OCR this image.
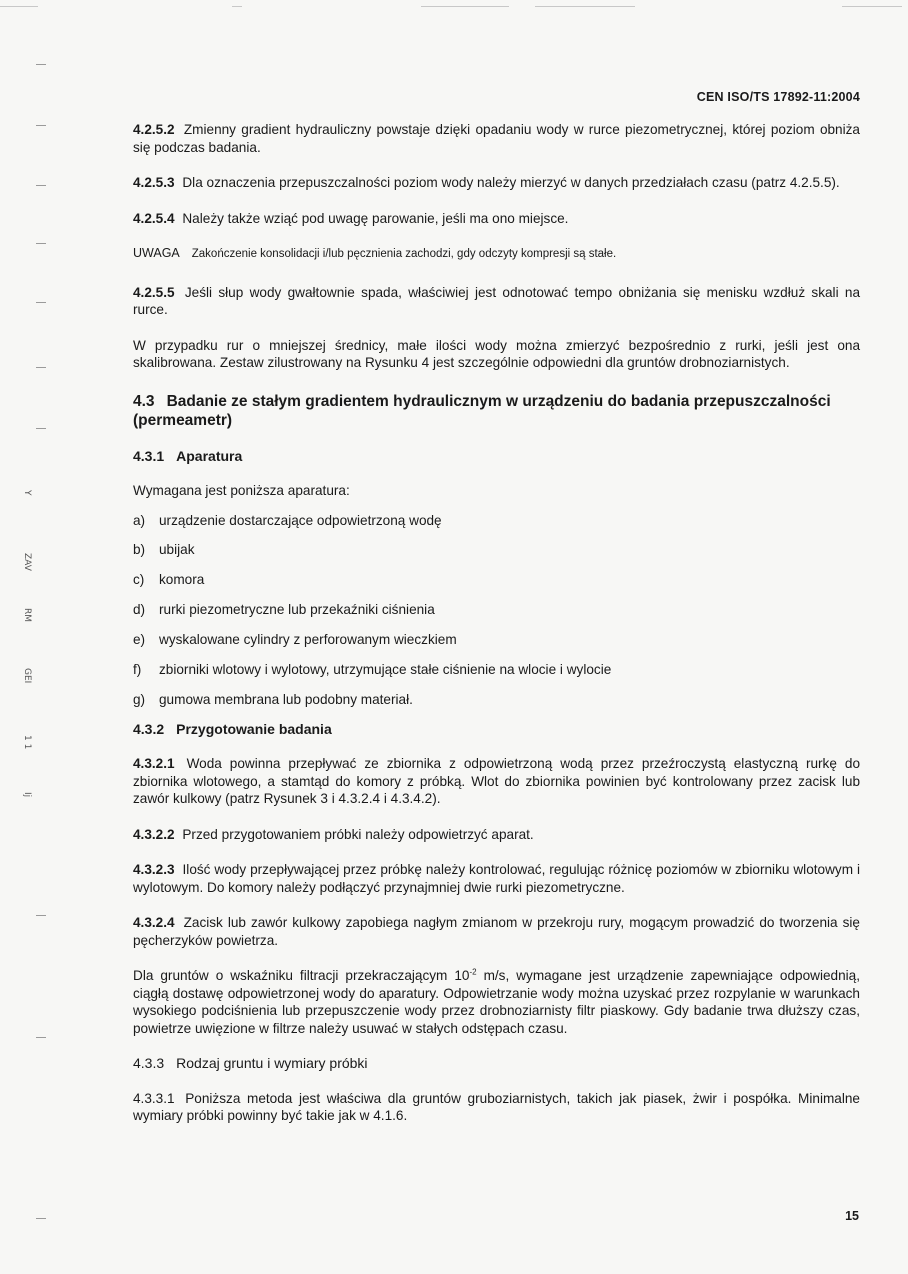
Y
ZAV
RM
GEI
1 1
Ij
CEN ISO/TS 17892-11:2004

4.2.5.2 Zmienny gradient hydrauliczny powstaje dzięki opadaniu wody w rurce piezometrycznej, której poziom obniża się podczas badania.

4.2.5.3 Dla oznaczenia przepuszczalności poziom wody należy mierzyć w danych przedziałach czasu (patrz 4.2.5.5).

4.2.5.4 Należy także wziąć pod uwagę parowanie, jeśli ma ono miejsce.

UWAGA Zakończenie konsolidacji i/lub pęcznienia zachodzi, gdy odczyty kompresji są stałe.

4.2.5.5 Jeśli słup wody gwałtownie spada, właściwiej jest odnotować tempo obniżania się menisku wzdłuż skali na rurce.

W przypadku rur o mniejszej średnicy, małe ilości wody można zmierzyć bezpośrednio z rurki, jeśli jest ona skalibrowana. Zestaw zilustrowany na Rysunku 4 jest szczególnie odpowiedni dla gruntów drobnoziarnistych.

4.3 Badanie ze stałym gradientem hydraulicznym w urządzeniu do badania przepuszczalności (permeametr)
4.3.1 Aparatura

Wymagana jest poniższa aparatura:

a) urządzenie dostarczające odpowietrzoną wodę
b) ubijak
c) komora
d) rurki piezometryczne lub przekaźniki ciśnienia
e) wyskalowane cylindry z perforowanym wieczkiem
f) zbiorniki wlotowy i wylotowy, utrzymujące stałe ciśnienie na wlocie i wylocie
g) gumowa membrana lub podobny materiał.
4.3.2 Przygotowanie badania

4.3.2.1 Woda powinna przepływać ze zbiornika z odpowietrzoną wodą przez przeźroczystą elastyczną rurkę do zbiornika wlotowego, a stamtąd do komory z próbką. Wlot do zbiornika powinien być kontrolowany przez zacisk lub zawór kulkowy (patrz Rysunek 3 i 4.3.2.4 i 4.3.4.2).

4.3.2.2 Przed przygotowaniem próbki należy odpowietrzyć aparat.

4.3.2.3 Ilość wody przepływającej przez próbkę należy kontrolować, regulując różnicę poziomów w zbiorniku wlotowym i wylotowym. Do komory należy podłączyć przynajmniej dwie rurki piezometryczne.

4.3.2.4 Zacisk lub zawór kulkowy zapobiega nagłym zmianom w przekroju rury, mogącym prowadzić do tworzenia się pęcherzyków powietrza.

Dla gruntów o wskaźniku filtracji przekraczającym $10^{-2}$ m/s, wymagane jest urządzenie zapewniające odpowiednią, ciągłą dostawę odpowietrzonej wody do aparatury. Odpowietrzanie wody można uzyskać przez rozpylanie w warunkach wysokiego podciśnienia lub przepuszczenie wody przez drobnoziarnisty filtr piaskowy. Gdy badanie trwa dłuższy czas, powietrze uwięzione w filtrze należy usuwać w stałych odstępach czasu.

4.3.3 Rodzaj gruntu i wymiary próbki

4.3.3.1 Poniższa metoda jest właściwa dla gruntów gruboziarnistych, takich jak piasek, żwir i pospółka. Minimalne wymiary próbki powinny być takie jak w 4.1.6.

15
